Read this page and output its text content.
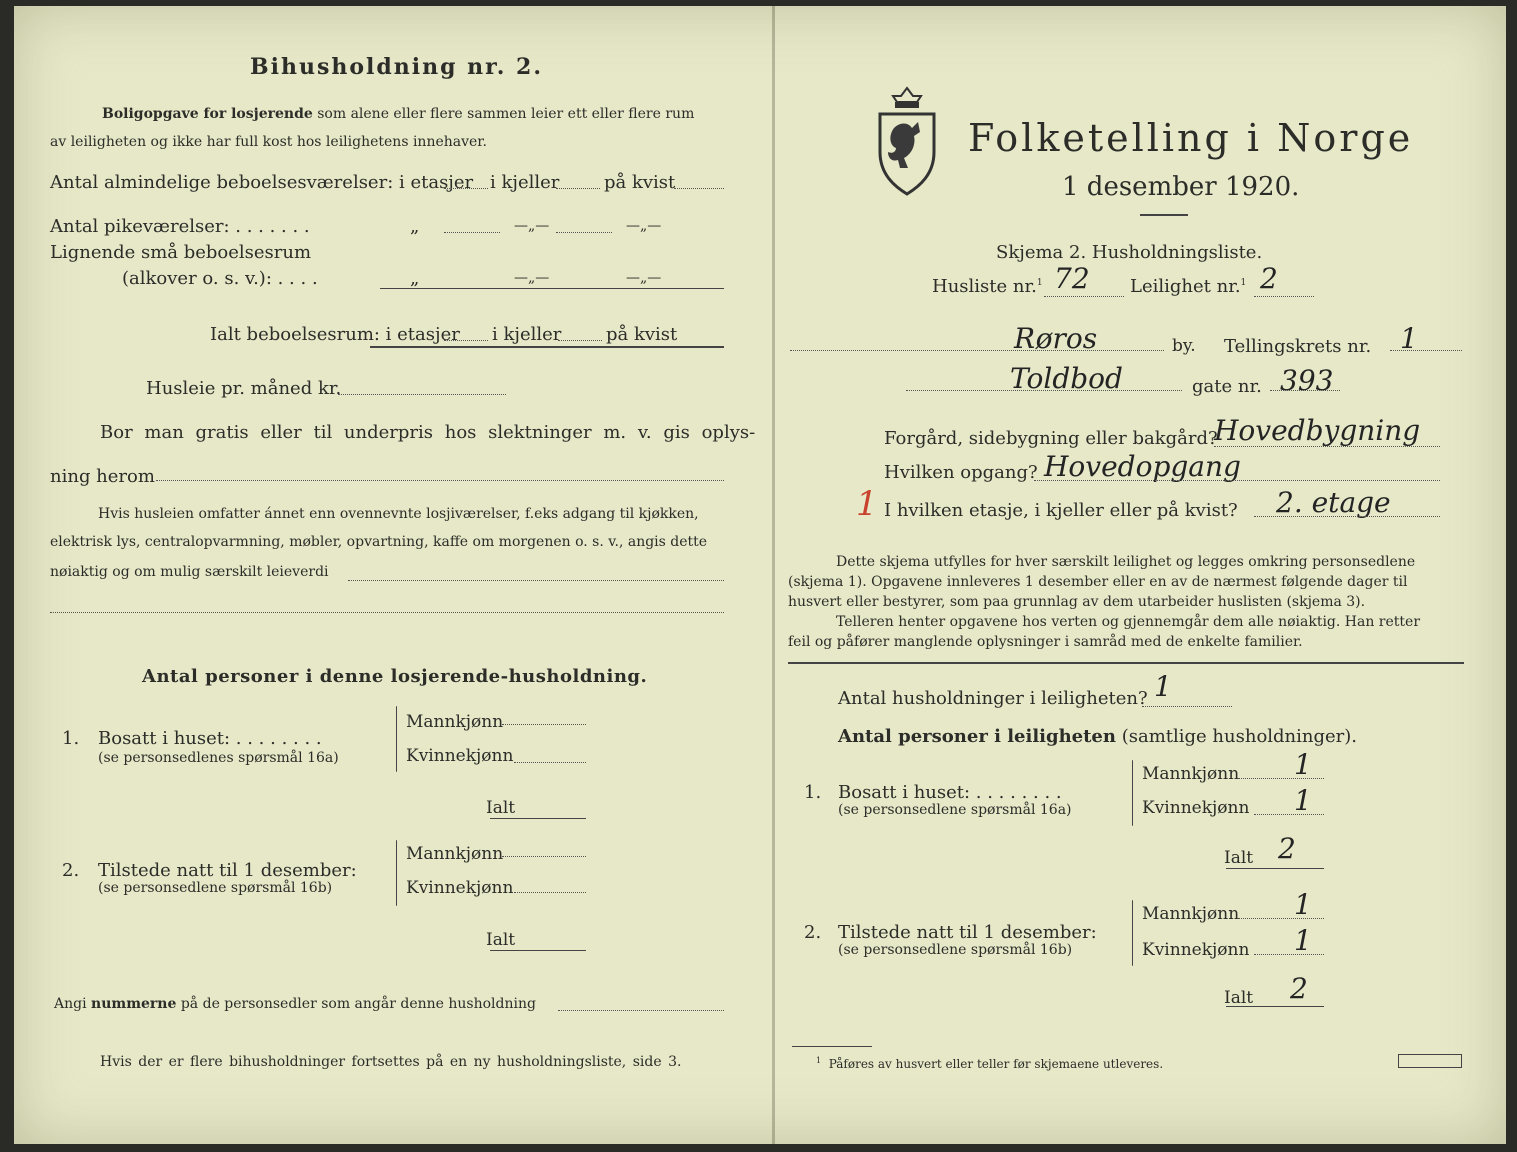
Bihusholdning nr. 2.
Boligopgave for losjerende som alene eller flere sammen leier ett eller flere rum
av leiligheten og ikke har full kost hos leilighetens innehaver.
Antal almindelige beboelsesværelser: i etasjer i kjeller på kvist
Antal pikeværelser: . . . . . . .	„	—„—	—„—
Lignende små beboelsesrum
(alkover o. s. v.): . . . .	„	—„—	—„—
Ialt beboelsesrum: i etasjer i kjeller på kvist
Husleie pr. måned kr.
Bor man gratis eller til underpris hos slektninger m. v. gis oplys-
ning herom
Hvis husleien omfatter ánnet enn ovennevnte losjiværelser, f.eks adgang til kjøkken,
elektrisk lys, centralopvarmning, møbler, opvartning, kaffe om morgenen o. s. v., angis dette
nøiaktig og om mulig særskilt leieverdi
Antal personer i denne losjerende-husholdning.
1. Bosatt i huset: . . . . . . . .
(se personsedlenes spørsmål 16a)
Mannkjønn
Kvinnekjønn
Ialt
2. Tilstede natt til 1 desember:
(se personsedlene spørsmål 16b)
Mannkjønn
Kvinnekjønn
Ialt
Angi nummerne på de personsedler som angår denne husholdning
Hvis der er flere bihusholdninger fortsettes på en ny husholdningsliste, side 3.
Folketelling i Norge
1 desember 1920.
Skjema 2. Husholdningsliste.
Husliste nr.$^1$ 72 Leilighet nr.$^1$ 2
Røros	by. Tellingskrets nr. 1
Toldbod	gate nr. 393
Forgård, sidebygning eller bakgård?
Hovedbygning
Hvilken opgang? Hovedopgang
1 I hvilken etasje, i kjeller eller på kvist? 2. etage
Dette skjema utfylles for hver særskilt leilighet og legges omkring personsedlene
(skjema 1). Opgavene innleveres 1 desember eller en av de nærmest følgende dager til
husvert eller bestyrer, som paa grunnlag av dem utarbeider huslisten (skjema 3).
Telleren henter opgavene hos verten og gjennemgår dem alle nøiaktig. Han retter
feil og påfører manglende oplysninger i samråd med de enkelte familier.
Antal husholdninger i leiligheten? 1
Antal personer i leiligheten (samtlige husholdninger).
1. Bosatt i huset: . . . . . . . .
(se personsedlene spørsmål 16a)
Mannkjønn 1
Kvinnekjønn 1
Ialt 2
2. Tilstede natt til 1 desember:
(se personsedlene spørsmål 16b)
Mannkjønn 1
Kvinnekjønn 1
Ialt 2
$^1$ Påføres av husvert eller teller før skjemaene utleveres.
